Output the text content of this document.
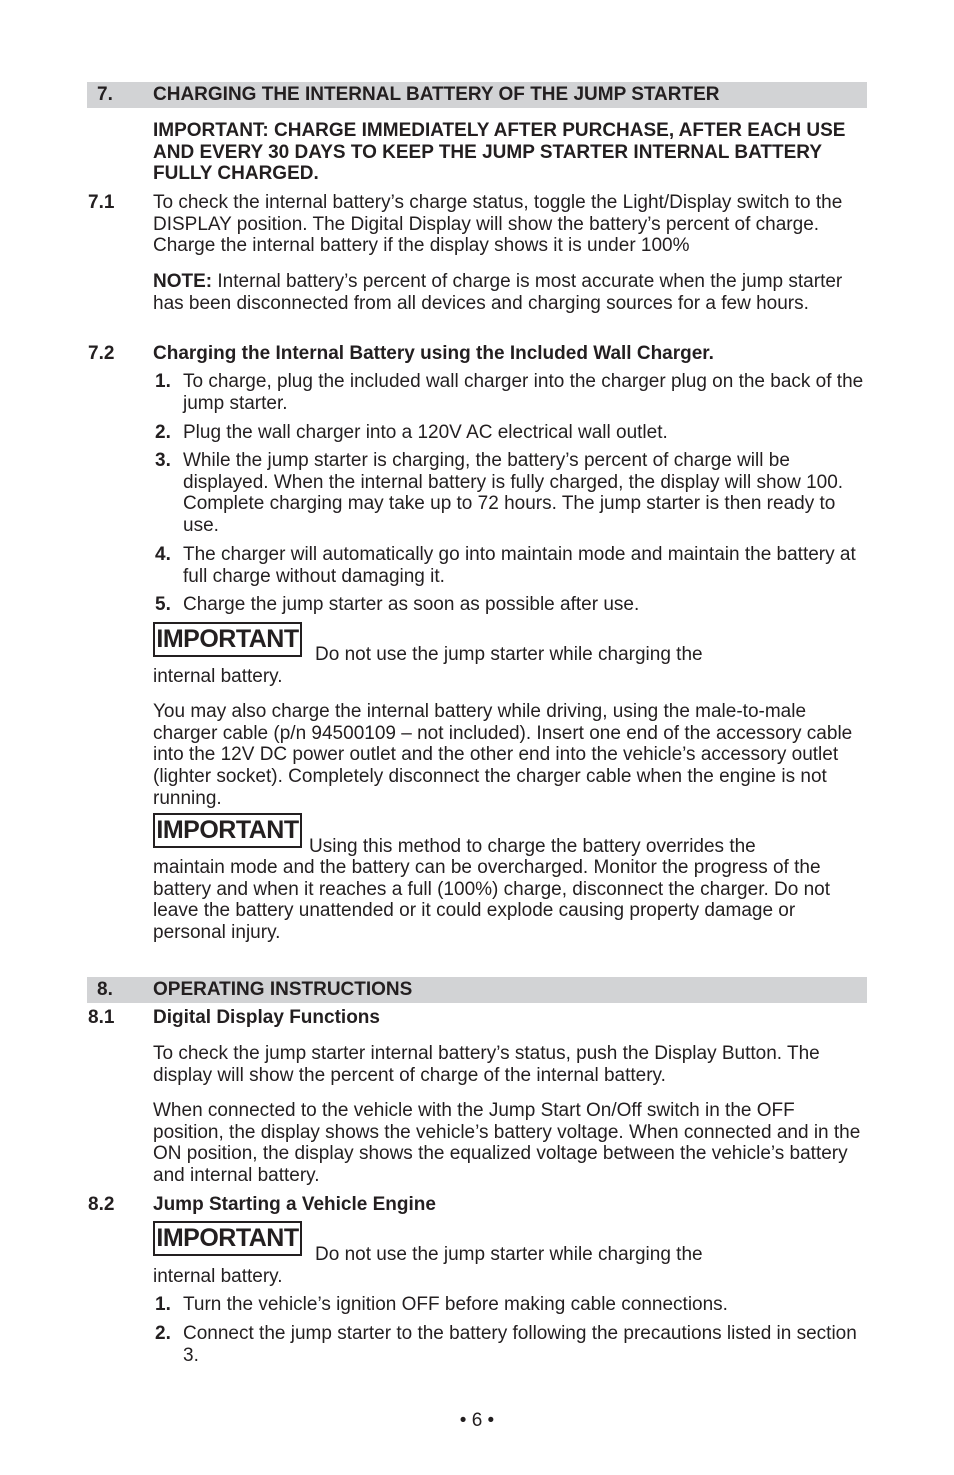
7. CHARGING THE INTERNAL BATTERY OF THE JUMP STARTER
IMPORTANT: CHARGE IMMEDIATELY AFTER PURCHASE, AFTER EACH USE AND EVERY 30 DAYS TO KEEP THE JUMP STARTER INTERNAL BATTERY FULLY CHARGED.
7.1 To check the internal battery’s charge status, toggle the Light/Display switch to the DISPLAY position. The Digital Display will show the battery’s percent of charge. Charge the internal battery if the display shows it is under 100%
NOTE: Internal battery’s percent of charge is most accurate when the jump starter has been disconnected from all devices and charging sources for a few hours.
7.2 Charging the Internal Battery using the Included Wall Charger.
1. To charge, plug the included wall charger into the charger plug on the back of the jump starter.
2. Plug the wall charger into a 120V AC electrical wall outlet.
3. While the jump starter is charging, the battery’s percent of charge will be displayed. When the internal battery is fully charged, the display will show 100. Complete charging may take up to 72 hours. The jump starter is then ready to use.
4. The charger will automatically go into maintain mode and maintain the battery at full charge without damaging it.
5. Charge the jump starter as soon as possible after use.
IMPORTANT
Do not use the jump starter while charging the
internal battery.
You may also charge the internal battery while driving, using the male-to-male charger cable (p/n 94500109 – not included). Insert one end of the accessory cable into the 12V DC power outlet and the other end into the vehicle’s accessory outlet (lighter socket). Completely disconnect the charger cable when the engine is not running.
IMPORTANT
Using this method to charge the battery overrides the
maintain mode and the battery can be overcharged. Monitor the progress of the battery and when it reaches a full (100%) charge, disconnect the charger. Do not leave the battery unattended or it could explode causing property damage or personal injury.
8. OPERATING INSTRUCTIONS
8.1 Digital Display Functions
To check the jump starter internal battery’s status, push the Display Button. The display will show the percent of charge of the internal battery.
When connected to the vehicle with the Jump Start On/Off switch in the OFF position, the display shows the vehicle’s battery voltage. When connected and in the ON position, the display shows the equalized voltage between the vehicle’s battery and internal battery.
8.2 Jump Starting a Vehicle Engine
IMPORTANT
Do not use the jump starter while charging the
internal battery.
1. Turn the vehicle’s ignition OFF before making cable connections.
2. Connect the jump starter to the battery following the precautions listed in section 3.
• 6 •
